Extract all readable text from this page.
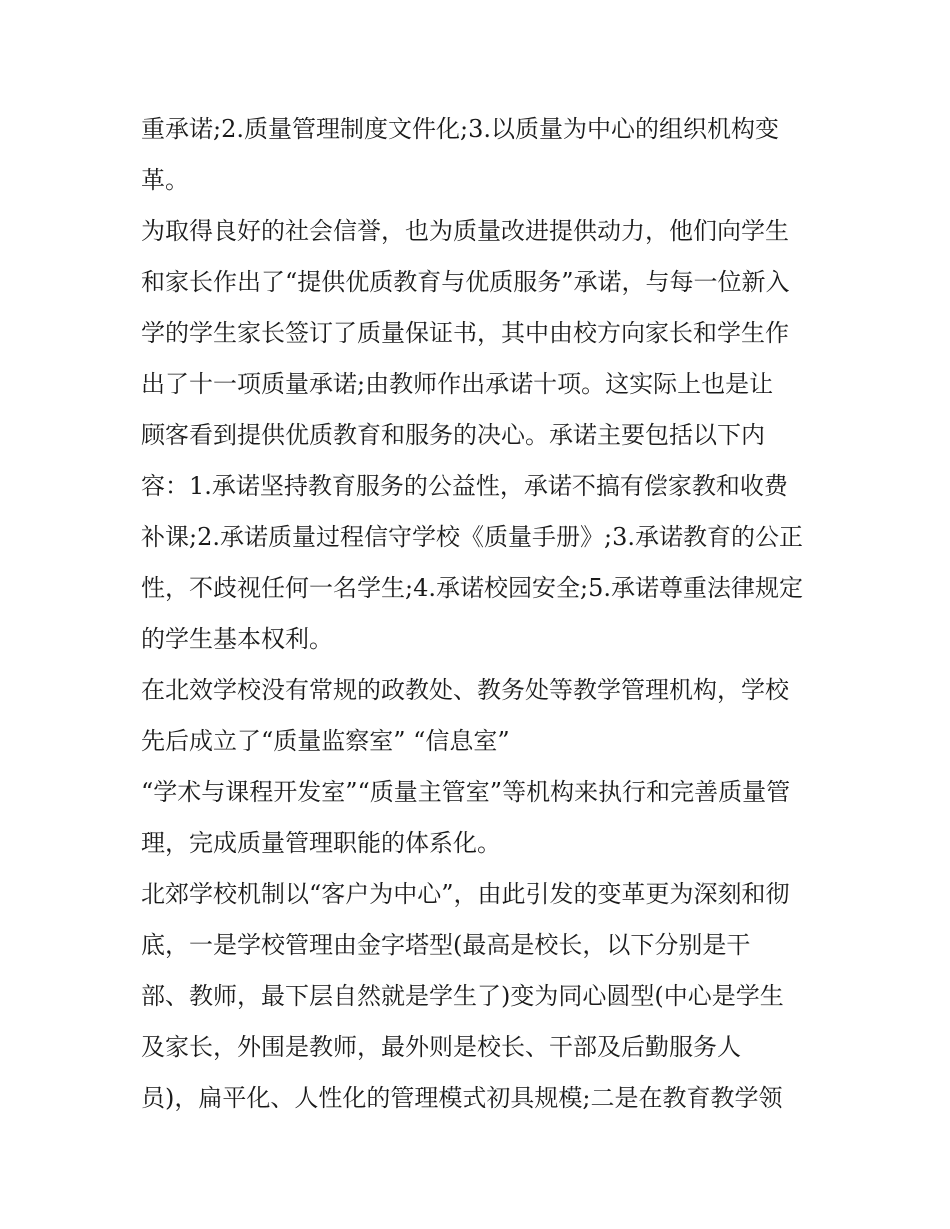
重承诺;2.质量管理制度文件化;3.以质量为中心的组织机构变
革。
为取得良好的社会信誉，也为质量改进提供动力，他们向学生
和家长作出了“提供优质教育与优质服务”承诺，与每一位新入
学的学生家长签订了质量保证书，其中由校方向家长和学生作
出了十一项质量承诺;由教师作出承诺十项。这实际上也是让
顾客看到提供优质教育和服务的决心。承诺主要包括以下内
容：1.承诺坚持教育服务的公益性，承诺不搞有偿家教和收费
补课;2.承诺质量过程信守学校《质量手册》;3.承诺教育的公正
性，不歧视任何一名学生;4.承诺校园安全;5.承诺尊重法律规定
的学生基本权利。
在北效学校没有常规的政教处、教务处等教学管理机构，学校
先后成立了“质量监察室” “信息室”
“学术与课程开发室”“质量主管室”等机构来执行和完善质量管
理，完成质量管理职能的体系化。
北郊学校机制以“客户为中心”，由此引发的变革更为深刻和彻
底，一是学校管理由金字塔型(最高是校长，以下分别是干
部、教师，最下层自然就是学生了)变为同心圆型(中心是学生
及家长，外围是教师，最外则是校长、干部及后勤服务人
员)，扁平化、人性化的管理模式初具规模;二是在教育教学领
